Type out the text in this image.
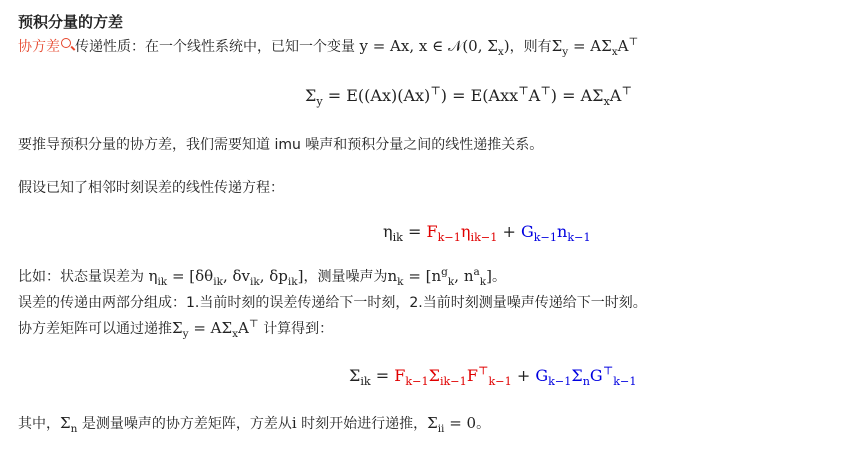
预积分量的方差
协方差 传递性质：在一个线性系统中，已知一个变量 y = Ax, x ∈ 𝒩(0, $\Sigma_x$)，则有$\Sigma_y = A\Sigma_xA^⊤$
$\Sigma_y = E((Ax)(Ax)^⊤) = E(Axx^⊤A^⊤) = A\Sigma_xA^⊤$
要推导预积分量的协方差，我们需要知道 imu 噪声和预积分量之间的线性递推关系。
假设已知了相邻时刻误差的线性传递方程：
$\eta_{ik} = F_{k-1}\eta_{ik-1} + G_{k-1}n_{k-1}$
比如：状态量误差为 $\eta_{ik} = [\delta\theta_{ik}$, $\delta v_{ik}$, $\delta p_{ik}$]，测量噪声为$n_k = [n^g_k$, $n^a_k$]。
误差的传递由两部分组成：1.当前时刻的误差传递给下一时刻，2.当前时刻测量噪声传递给下一时刻。
协方差矩阵可以通过递推$\Sigma_y = A\Sigma_xA^⊤$ 计算得到：
$\Sigma_{ik} = F_{k-1}\Sigma_{ik-1}F^⊤_{k-1} + G_{k-1}\Sigma_nG^⊤_{k-1}$
其中，$\Sigma_n$ 是测量噪声的协方差矩阵，方差从i 时刻开始进行递推，$\Sigma_{ii} = 0$。
